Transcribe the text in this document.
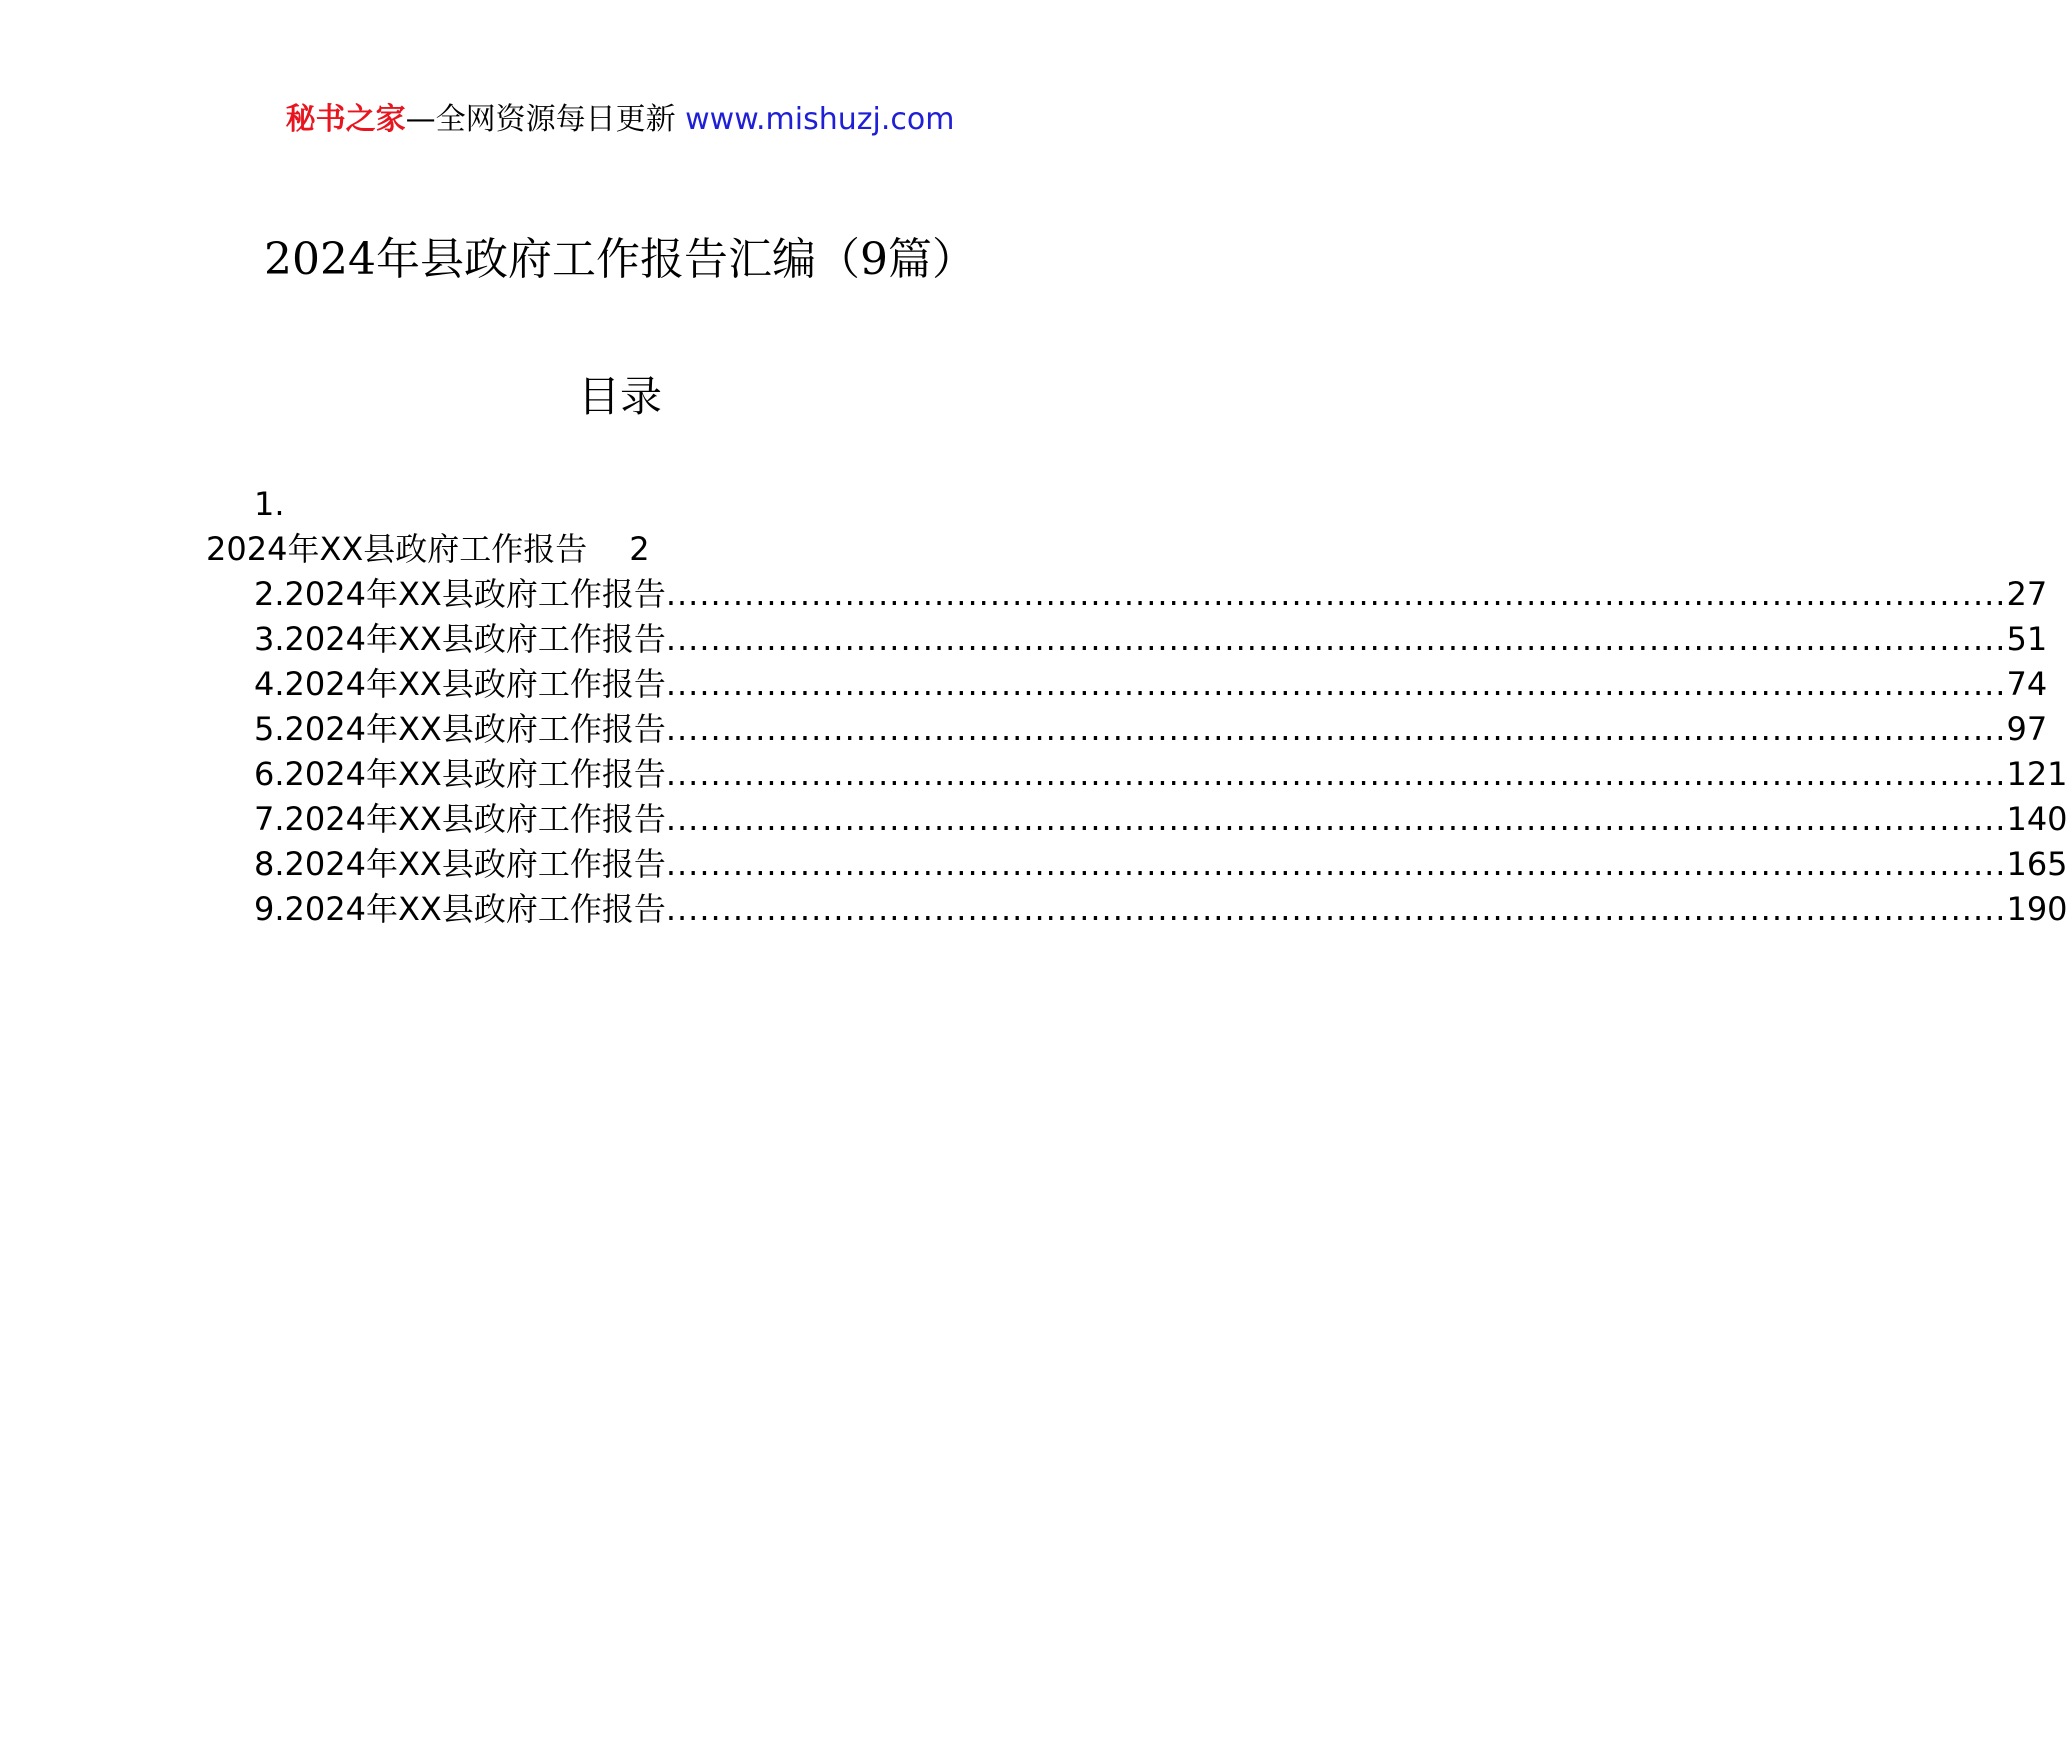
秘书之家—全网资源每日更新 www.mishuzj.com
2024年县政府工作报告汇编（9篇）
目录
1.
2024年XX县政府工作报告 2
2.2024年XX县政府工作报告 ........................................................................................................................ 27
3.2024年XX县政府工作报告 ........................................................................................................................ 51
4.2024年XX县政府工作报告 ........................................................................................................................ 74
5.2024年XX县政府工作报告 ........................................................................................................................ 97
6.2024年XX县政府工作报告 ........................................................................................................................ 121
7.2024年XX县政府工作报告 ........................................................................................................................ 140
8.2024年XX县政府工作报告 ........................................................................................................................ 165
9.2024年XX县政府工作报告 ........................................................................................................................ 190
